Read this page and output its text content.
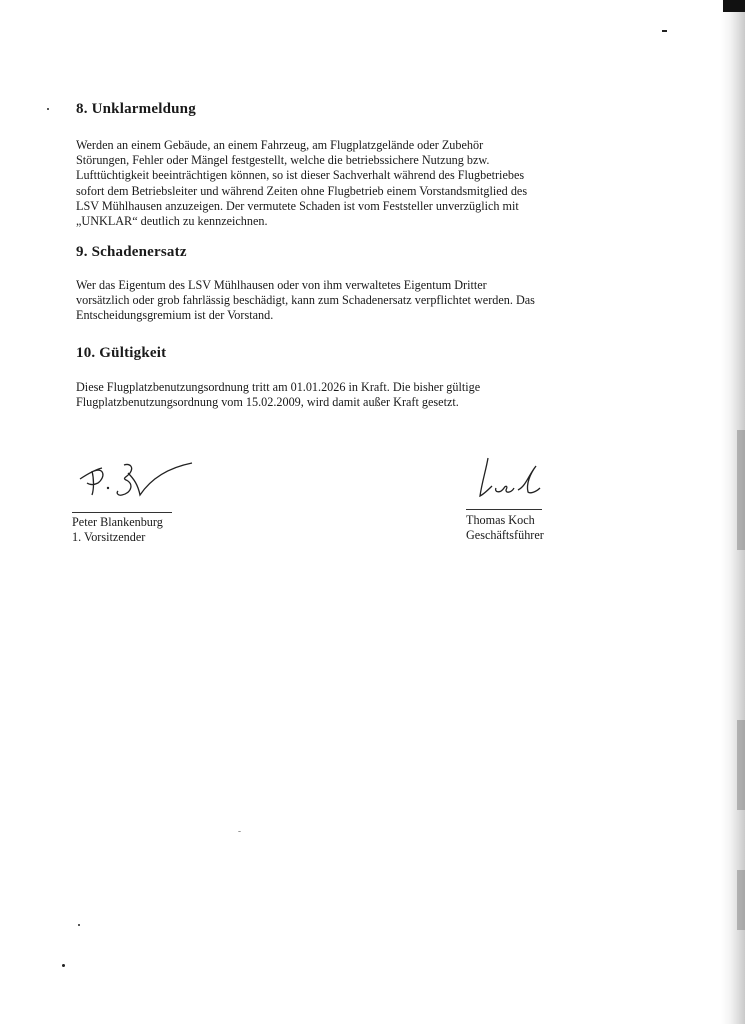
8. Unklarmeldung

Werden an einem Gebäude, an einem Fahrzeug, am Flugplatzgelände oder Zubehör

Störungen, Fehler oder Mängel festgestellt, welche die betriebssichere Nutzung bzw.

Lufttüchtigkeit beeinträchtigen können, so ist dieser Sachverhalt während des Flugbetriebes

sofort dem Betriebsleiter und während Zeiten ohne Flugbetrieb einem Vorstandsmitglied des

LSV Mühlhausen anzuzeigen. Der vermutete Schaden ist vom Feststeller unverzüglich mit

„UNKLAR“ deutlich zu kennzeichnen.

9. Schadenersatz

Wer das Eigentum des LSV Mühlhausen oder von ihm verwaltetes Eigentum Dritter

vorsätzlich oder grob fahrlässig beschädigt, kann zum Schadenersatz verpflichtet werden. Das

Entscheidungsgremium ist der Vorstand.

10. Gültigkeit

Diese Flugplatzbenutzungsordnung tritt am 01.01.2026 in Kraft. Die bisher gültige

Flugplatzbenutzungsordnung vom 15.02.2009, wird damit außer Kraft gesetzt.

Peter Blankenburg
1. Vorsitzender
Thomas Koch
Geschäftsführer
